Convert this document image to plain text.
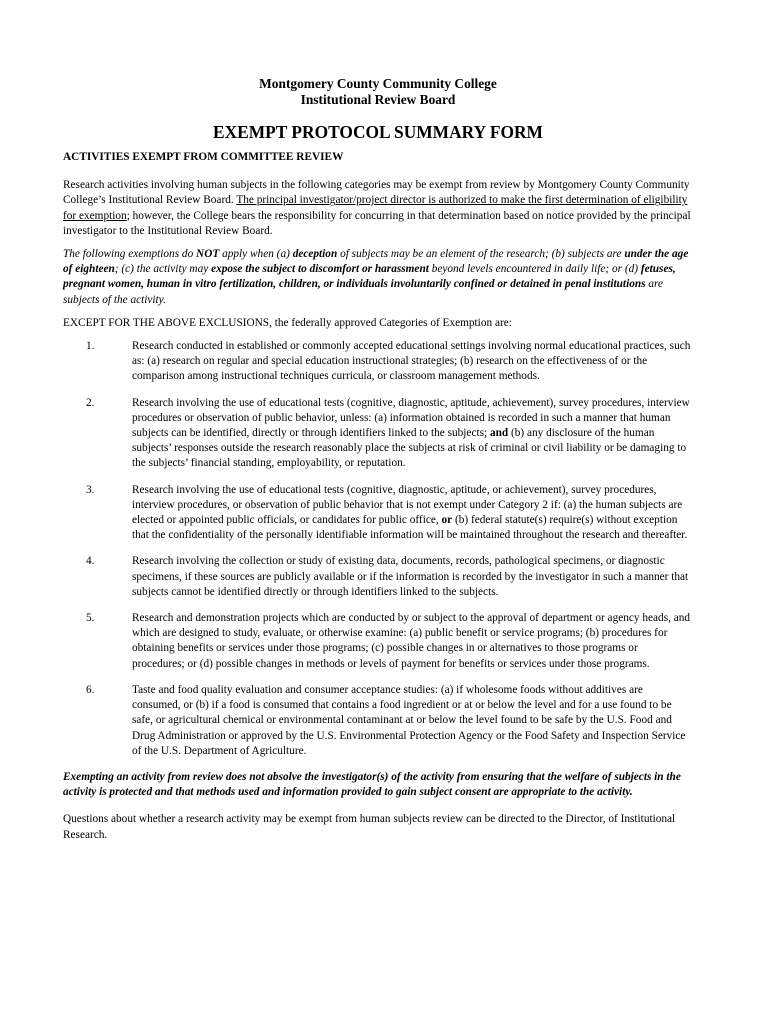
Montgomery County Community College
Institutional Review Board
EXEMPT PROTOCOL SUMMARY FORM
ACTIVITIES EXEMPT FROM COMMITTEE REVIEW

Research activities involving human subjects in the following categories may be exempt from review by Montgomery County Community College’s Institutional Review Board. The principal investigator/project director is authorized to make the first determination of eligibility for exemption; however, the College bears the responsibility for concurring in that determination based on notice provided by the principal investigator to the Institutional Review Board.

The following exemptions do NOT apply when (a) deception of subjects may be an element of the research; (b) subjects are under the age of eighteen; (c) the activity may expose the subject to discomfort or harassment beyond levels encountered in daily life; or (d) fetuses, pregnant women, human in vitro fertilization, children, or individuals involuntarily confined or detained in penal institutions are subjects of the activity.

EXCEPT FOR THE ABOVE EXCLUSIONS, the federally approved Categories of Exemption are:

1.	Research conducted in established or commonly accepted educational settings involving normal educational practices, such as: (a) research on regular and special education instructional strategies; (b) research on the effectiveness of or the comparison among instructional techniques curricula, or classroom management methods.
2.	Research involving the use of educational tests (cognitive, diagnostic, aptitude, achievement), survey procedures, interview procedures or observation of public behavior, unless: (a) information obtained is recorded in such a manner that human subjects can be identified, directly or through identifiers linked to the subjects; and (b) any disclosure of the human subjects’ responses outside the research reasonably place the subjects at risk of criminal or civil liability or be damaging to the subjects’ financial standing, employability, or reputation.
3.	Research involving the use of educational tests (cognitive, diagnostic, aptitude, or achievement), survey procedures, interview procedures, or observation of public behavior that is not exempt under Category 2 if: (a) the human subjects are elected or appointed public officials, or candidates for public office, or (b) federal statute(s) require(s) without exception that the confidentiality of the personally identifiable information will be maintained throughout the research and thereafter.
4.	Research involving the collection or study of existing data, documents, records, pathological specimens, or diagnostic specimens, if these sources are publicly available or if the information is recorded by the investigator in such a manner that subjects cannot be identified directly or through identifiers linked to the subjects.
5.	Research and demonstration projects which are conducted by or subject to the approval of department or agency heads, and which are designed to study, evaluate, or otherwise examine: (a) public benefit or service programs; (b) procedures for obtaining benefits or services under those programs; (c) possible changes in or alternatives to those programs or procedures; or (d) possible changes in methods or levels of payment for benefits or services under those programs.
6.	Taste and food quality evaluation and consumer acceptance studies: (a) if wholesome foods without additives are consumed, or (b) if a food is consumed that contains a food ingredient or at or below the level and for a use found to be safe, or agricultural chemical or environmental contaminant at or below the level found to be safe by the U.S. Food and Drug Administration or approved by the U.S. Environmental Protection Agency or the Food Safety and Inspection Service of the U.S. Department of Agriculture.

Exempting an activity from review does not absolve the investigator(s) of the activity from ensuring that the welfare of subjects in the activity is protected and that methods used and information provided to gain subject consent are appropriate to the activity.

Questions about whether a research activity may be exempt from human subjects review can be directed to the Director, of Institutional Research.
